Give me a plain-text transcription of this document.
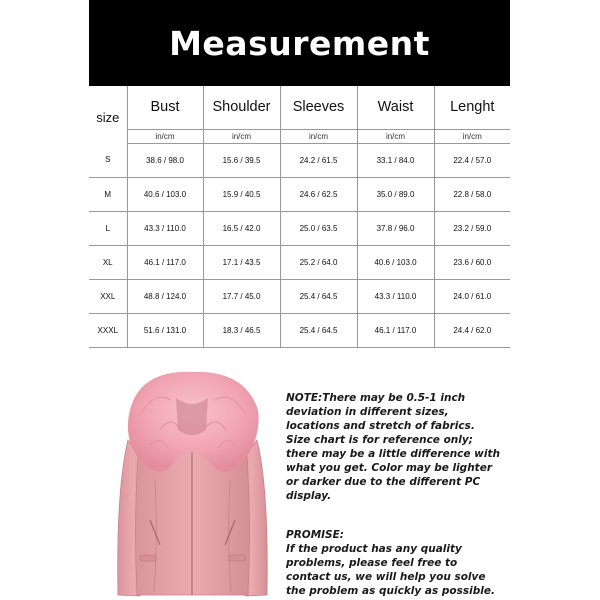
Measurement
size	Bust	Shoulder	Sleeves	Waist	Lenght
	in/cm	in/cm	in/cm	in/cm	in/cm
S	38.6 / 98.0	15.6 / 39.5	24.2 / 61.5	33.1 / 84.0	22.4 / 57.0
M	40.6 / 103.0	15.9 / 40.5	24.6 / 62.5	35.0 / 89.0	22.8 / 58.0
L	43.3 / 110.0	16.5 / 42.0	25.0 / 63.5	37.8 / 96.0	23.2 / 59.0
XL	46.1 / 117.0	17.1 / 43.5	25.2 / 64.0	40.6 / 103.0	23.6 / 60.0
XXL	48.8 / 124.0	17.7 / 45.0	25.4 / 64.5	43.3 / 110.0	24.0 / 61.0
XXXL	51.6 / 131.0	18.3 / 46.5	25.4 / 64.5	46.1 / 117.0	24.4 / 62.0

NOTE:There may be 0.5-1 inch deviation in different sizes, locations and stretch of fabrics. Size chart is for reference only; there may be a little difference with what you get. Color may be lighter or darker due to the different PC display.

PROMISE:
If the product has any quality problems, please feel free to contact us, we will help you solve the problem as quickly as possible.
